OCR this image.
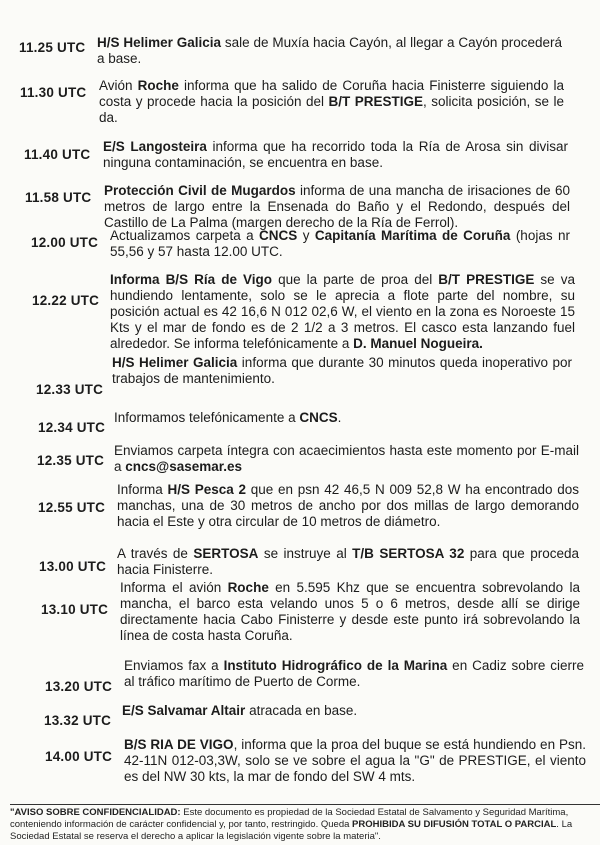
11.25 UTC H/S Helimer Galicia sale de Muxía hacia Cayón, al llegar a Cayón procederá a base.
11.30 UTC Avión Roche informa que ha salido de Coruña hacia Finisterre siguiendo la costa y procede hacia la posición del B/T PRESTIGE, solicita posición, se le da.
11.40 UTC
E/S Langosteira informa que ha recorrido toda la Ría de Arosa sin divisar ninguna contaminación, se encuentra en base.
11.58 UTC Protección Civil de Mugardos informa de una mancha de irisaciones de 60 metros de largo entre la Ensenada do Baño y el Redondo, después del Castillo de La Palma (margen derecho de la Ría de Ferrol).
12.00 UTC Actualizamos carpeta a CNCS y Capitanía Marítima de Coruña (hojas nr 55,56 y 57 hasta 12.00 UTC.
12.22 UTC
Informa B/S Ría de Vigo que la parte de proa del B/T PRESTIGE se va hundiendo lentamente, solo se le aprecia a flote parte del nombre, su posición actual es 42 16,6 N 012 02,6 W, el viento en la zona es Noroeste 15 Kts y el mar de fondo es de 2 1/2 a 3 metros. El casco esta lanzando fuel alrededor. Se informa telefónicamente a D. Manuel Nogueira.
12.33 UTC
H/S Helimer Galicia informa que durante 30 minutos queda inoperativo por trabajos de mantenimiento.
12.34 UTC
Informamos telefónicamente a CNCS.
12.35 UTC
Enviamos carpeta íntegra con acaecimientos hasta este momento por E-mail a cncs@sasemar.es
12.55 UTC
Informa H/S Pesca 2 que en psn 42 46,5 N 009 52,8 W ha encontrado dos manchas, una de 30 metros de ancho por dos millas de largo demorando hacia el Este y otra circular de 10 metros de diámetro.
13.00 UTC
A través de SERTOSA se instruye al T/B SERTOSA 32 para que proceda hacia Finisterre.
13.10 UTC
Informa el avión Roche en 5.595 Khz que se encuentra sobrevolando la mancha, el barco esta velando unos 5 o 6 metros, desde allí se dirige directamente hacia Cabo Finisterre y desde este punto irá sobrevolando la línea de costa hasta Coruña.
13.20 UTC
Enviamos fax a Instituto Hidrográfico de la Marina en Cadiz sobre cierre al tráfico marítimo de Puerto de Corme.
13.32 UTC
E/S Salvamar Altair atracada en base.
14.00 UTC
B/S RIA DE VIGO, informa que la proa del buque se está hundiendo en Psn. 42-11N 012-03,3W, solo se ve sobre el agua la "G" de PRESTIGE, el viento es del NW 30 kts, la mar de fondo del SW 4 mts.
"AVISO SOBRE CONFIDENCIALIDAD: Este documento es propiedad de la Sociedad Estatal de Salvamento y Seguridad Marítima, conteniendo información de carácter confidencial y, por tanto, restringido. Queda PROHIBIDA SU DIFUSIÓN TOTAL O PARCIAL. La Sociedad Estatal se reserva el derecho a aplicar la legislación vigente sobre la materia".
